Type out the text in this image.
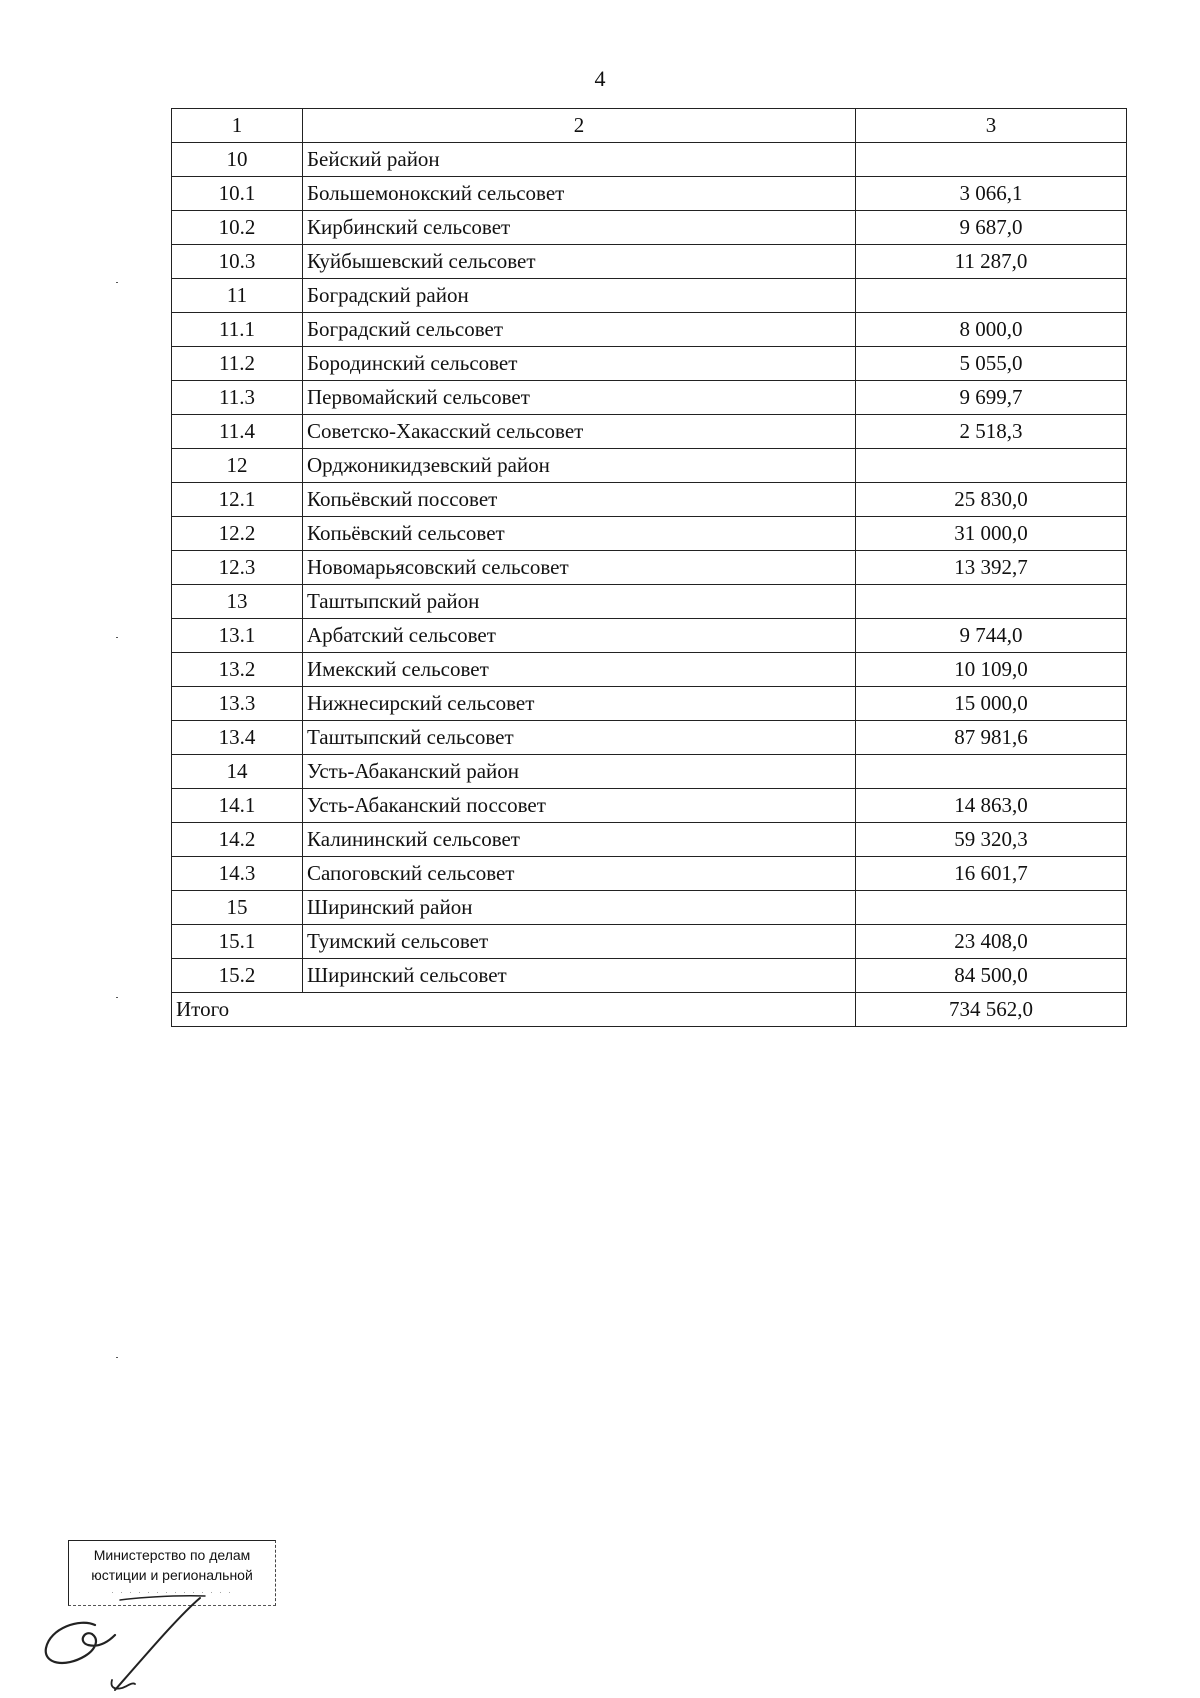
4
1	2	3
10	Бейский район	
10.1	Большемонокский сельсовет	3 066,1
10.2	Кирбинский сельсовет	9 687,0
10.3	Куйбышевский сельсовет	11 287,0
11	Боградский район	
11.1	Боградский сельсовет	8 000,0
11.2	Бородинский сельсовет	5 055,0
11.3	Первомайский сельсовет	9 699,7
11.4	Советско-Хакасский сельсовет	2 518,3
12	Орджоникидзевский район	
12.1	Копьёвский поссовет	25 830,0
12.2	Копьёвский сельсовет	31 000,0
12.3	Новомарьясовский сельсовет	13 392,7
13	Таштыпский район	
13.1	Арбатский сельсовет	9 744,0
13.2	Имекский сельсовет	10 109,0
13.3	Нижнесирский сельсовет	15 000,0
13.4	Таштыпский сельсовет	87 981,6
14	Усть-Абаканский район	
14.1	Усть-Абаканский поссовет	14 863,0
14.2	Калининский сельсовет	59 320,3
14.3	Сапоговский сельсовет	16 601,7
15	Ширинский район	
15.1	Туимский сельсовет	23 408,0
15.2	Ширинский сельсовет	84 500,0
Итого		734 562,0
Министерство по делам
юстиции и региональной
. . . . . . . . . . . . . .
